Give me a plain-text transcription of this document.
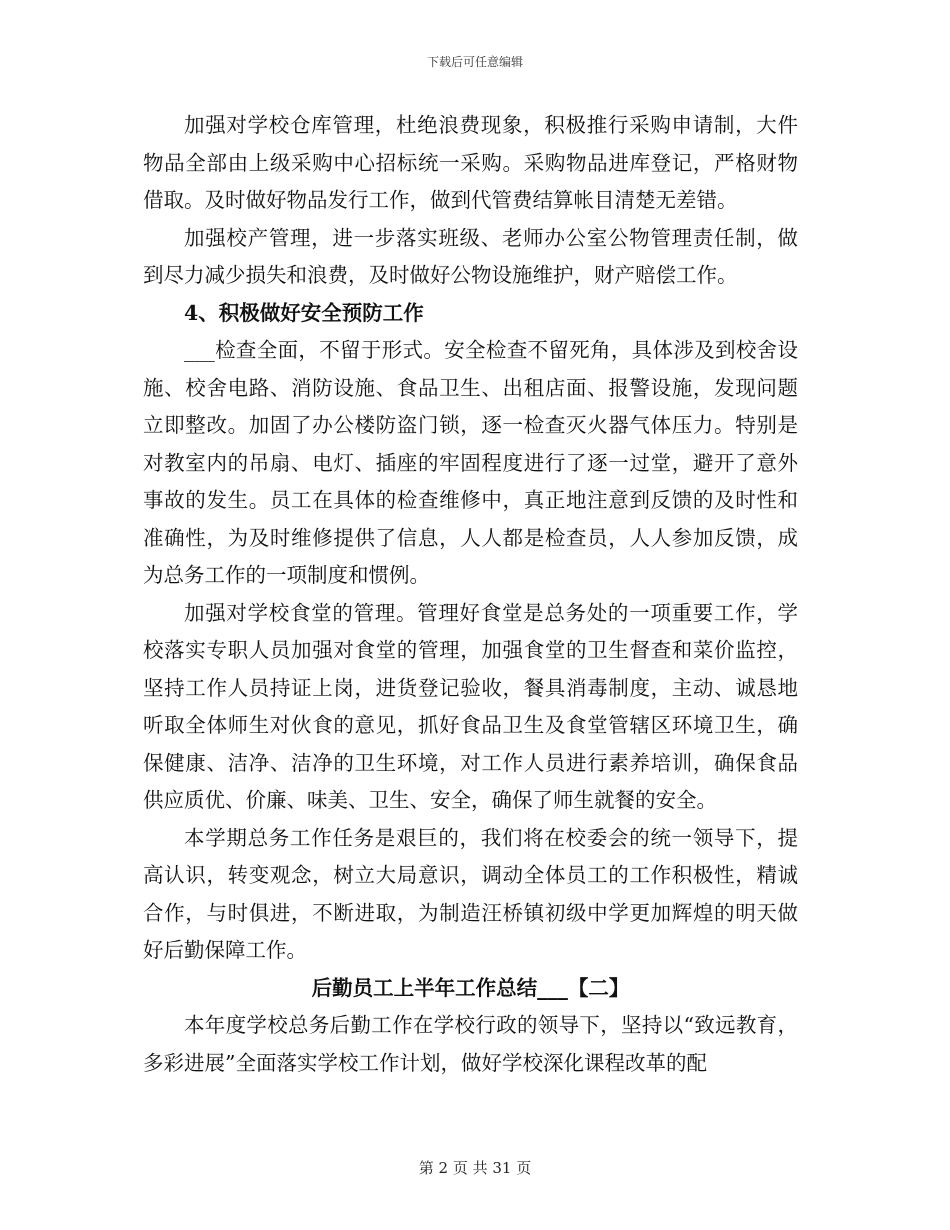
下载后可任意编辑

加强对学校仓库管理，杜绝浪费现象，积极推行采购申请制，大件物品全部由上级采购中心招标统一采购。采购物品进库登记，严格财物借取。及时做好物品发行工作，做到代管费结算帐目清楚无差错。

加强校产管理，进一步落实班级、老师办公室公物管理责任制，做到尽力减少损失和浪费，及时做好公物设施维护，财产赔偿工作。

4、积极做好安全预防工作

___检查全面，不留于形式。安全检查不留死角，具体涉及到校舍设施、校舍电路、消防设施、食品卫生、出租店面、报警设施，发现问题立即整改。加固了办公楼防盗门锁，逐一检查灭火器气体压力。特别是对教室内的吊扇、电灯、插座的牢固程度进行了逐一过堂，避开了意外事故的发生。员工在具体的检查维修中，真正地注意到反馈的及时性和准确性，为及时维修提供了信息，人人都是检查员，人人参加反馈，成为总务工作的一项制度和惯例。

加强对学校食堂的管理。管理好食堂是总务处的一项重要工作，学校落实专职人员加强对食堂的管理，加强食堂的卫生督查和菜价监控，坚持工作人员持证上岗，进货登记验收，餐具消毒制度，主动、诚恳地听取全体师生对伙食的意见，抓好食品卫生及食堂管辖区环境卫生，确保健康、洁净、洁净的卫生环境，对工作人员进行素养培训，确保食品供应质优、价廉、味美、卫生、安全，确保了师生就餐的安全。

本学期总务工作任务是艰巨的，我们将在校委会的统一领导下，提高认识，转变观念，树立大局意识，调动全体员工的工作积极性，精诚合作，与时俱进，不断进取，为制造汪桥镇初级中学更加辉煌的明天做好后勤保障工作。

后勤员工上半年工作总结___【二】

本年度学校总务后勤工作在学校行政的领导下，坚持以“致远教育，多彩进展”全面落实学校工作计划，做好学校深化课程改革的配

第 2 页 共 31 页
